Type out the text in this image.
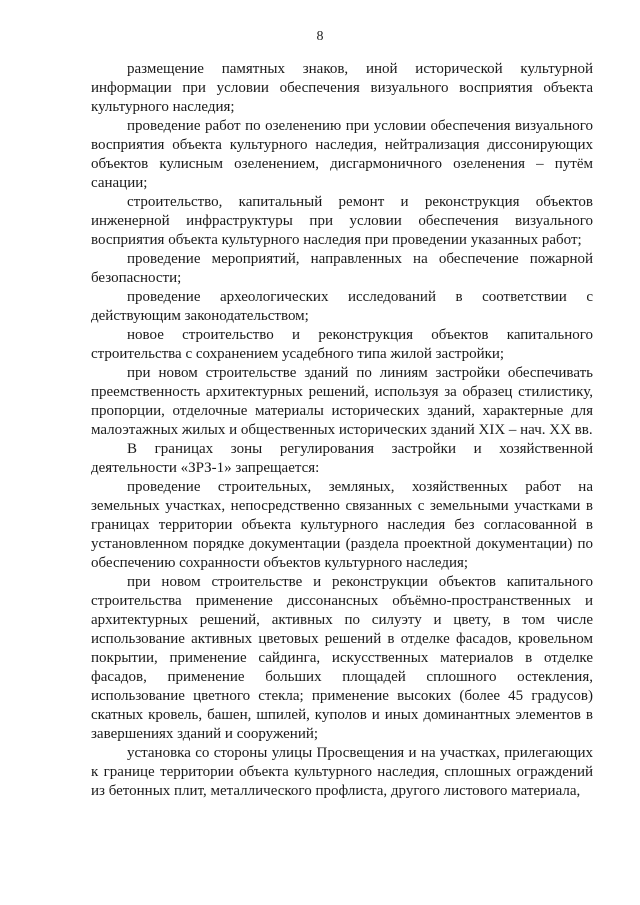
8

размещение памятных знаков, иной исторической культурной информации при условии обеспечения визуального восприятия объекта культурного наследия;

проведение работ по озеленению при условии обеспечения визуального восприятия объекта культурного наследия, нейтрализация диссонирующих объектов кулисным озеленением, дисгармоничного озеленения – путём санации;

строительство, капитальный ремонт и реконструкция объектов инженерной инфраструктуры при условии обеспечения визуального восприятия объекта культурного наследия при проведении указанных работ;

проведение мероприятий, направленных на обеспечение пожарной безопасности;

проведение археологических исследований в соответствии с действующим законодательством;

новое строительство и реконструкция объектов капитального строительства с сохранением усадебного типа жилой застройки;

при новом строительстве зданий по линиям застройки обеспечивать преемственность архитектурных решений, используя за образец стилистику, пропорции, отделочные материалы исторических зданий, характерные для малоэтажных жилых и общественных исторических зданий XIX – нач. XX вв.

В границах зоны регулирования застройки и хозяйственной деятельности «ЗРЗ-1» запрещается:

проведение строительных, земляных, хозяйственных работ на земельных участках, непосредственно связанных с земельными участками в границах территории объекта культурного наследия без согласованной в установленном порядке документации (раздела проектной документации) по обеспечению сохранности объектов культурного наследия;

при новом строительстве и реконструкции объектов капитального строительства применение диссонансных объёмно-пространственных и архитектурных решений, активных по силуэту и цвету, в том числе использование активных цветовых решений в отделке фасадов, кровельном покрытии, применение сайдинга, искусственных материалов в отделке фасадов, применение больших площадей сплошного остекления, использование цветного стекла; применение высоких (более 45 градусов) скатных кровель, башен, шпилей, куполов и иных доминантных элементов в завершениях зданий и сооружений;

установка со стороны улицы Просвещения и на участках, прилегающих к границе территории объекта культурного наследия, сплошных ограждений из бетонных плит, металлического профлиста, другого листового материала,
